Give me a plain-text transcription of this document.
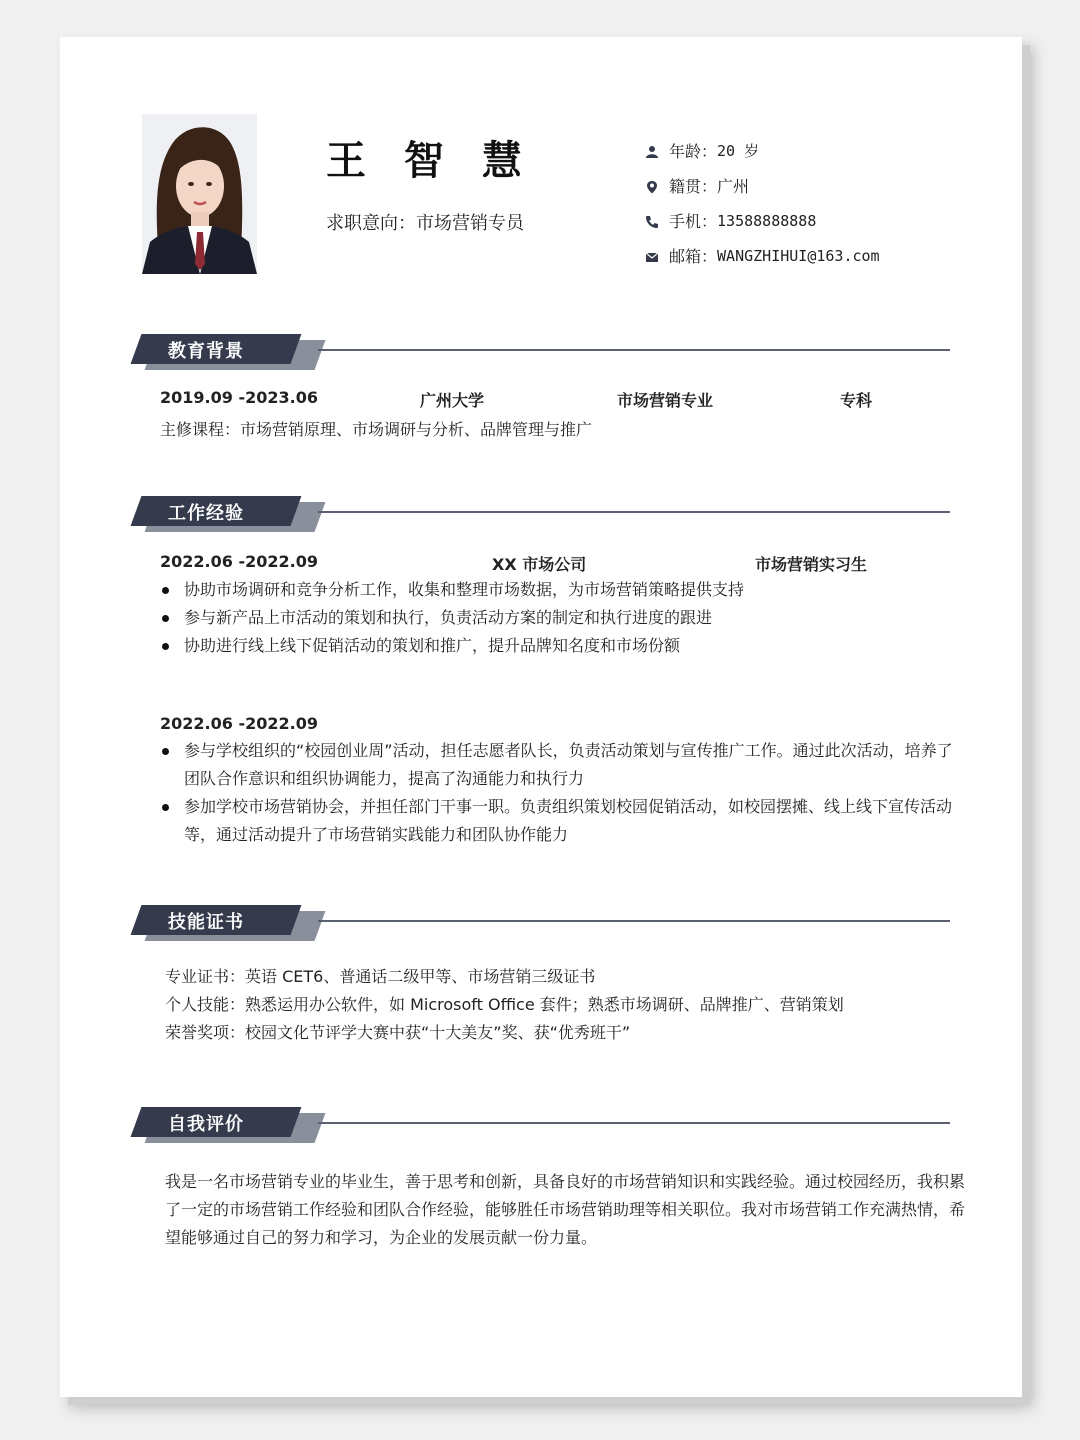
王 智 慧
求职意向：市场营销专员
年龄： 20 岁
籍贯： 广州
手机： 13588888888
邮箱： WANGZHIHUI@163.com
教育背景
2019.09 -2023.06	广州大学	市场营销专业	专科
主修课程：市场营销原理、市场调研与分析、品牌管理与推广
工作经验
2022.06 -2022.09	XX 市场公司	市场营销实习生
协助市场调研和竞争分析工作，收集和整理市场数据，为市场营销策略提供支持
参与新产品上市活动的策划和执行，负责活动方案的制定和执行进度的跟进
协助进行线上线下促销活动的策划和推广，提升品牌知名度和市场份额
2022.06 -2022.09
参与学校组织的“校园创业周”活动，担任志愿者队长，负责活动策划与宣传推广工作。通过此次活动，培养了团队合作意识和组织协调能力，提高了沟通能力和执行力
参加学校市场营销协会，并担任部门干事一职。负责组织策划校园促销活动，如校园摆摊、线上线下宣传活动等，通过活动提升了市场营销实践能力和团队协作能力
技能证书
专业证书：英语 CET6、普通话二级甲等、市场营销三级证书
个人技能：熟悉运用办公软件，如 Microsoft Office 套件；熟悉市场调研、品牌推广、营销策划
荣誉奖项：校园文化节评学大赛中获“十大美友”奖、获“优秀班干”
自我评价
我是一名市场营销专业的毕业生，善于思考和创新，具备良好的市场营销知识和实践经验。通过校园经历，我积累了一定的市场营销工作经验和团队合作经验，能够胜任市场营销助理等相关职位。我对市场营销工作充满热情，希望能够通过自己的努力和学习，为企业的发展贡献一份力量。
